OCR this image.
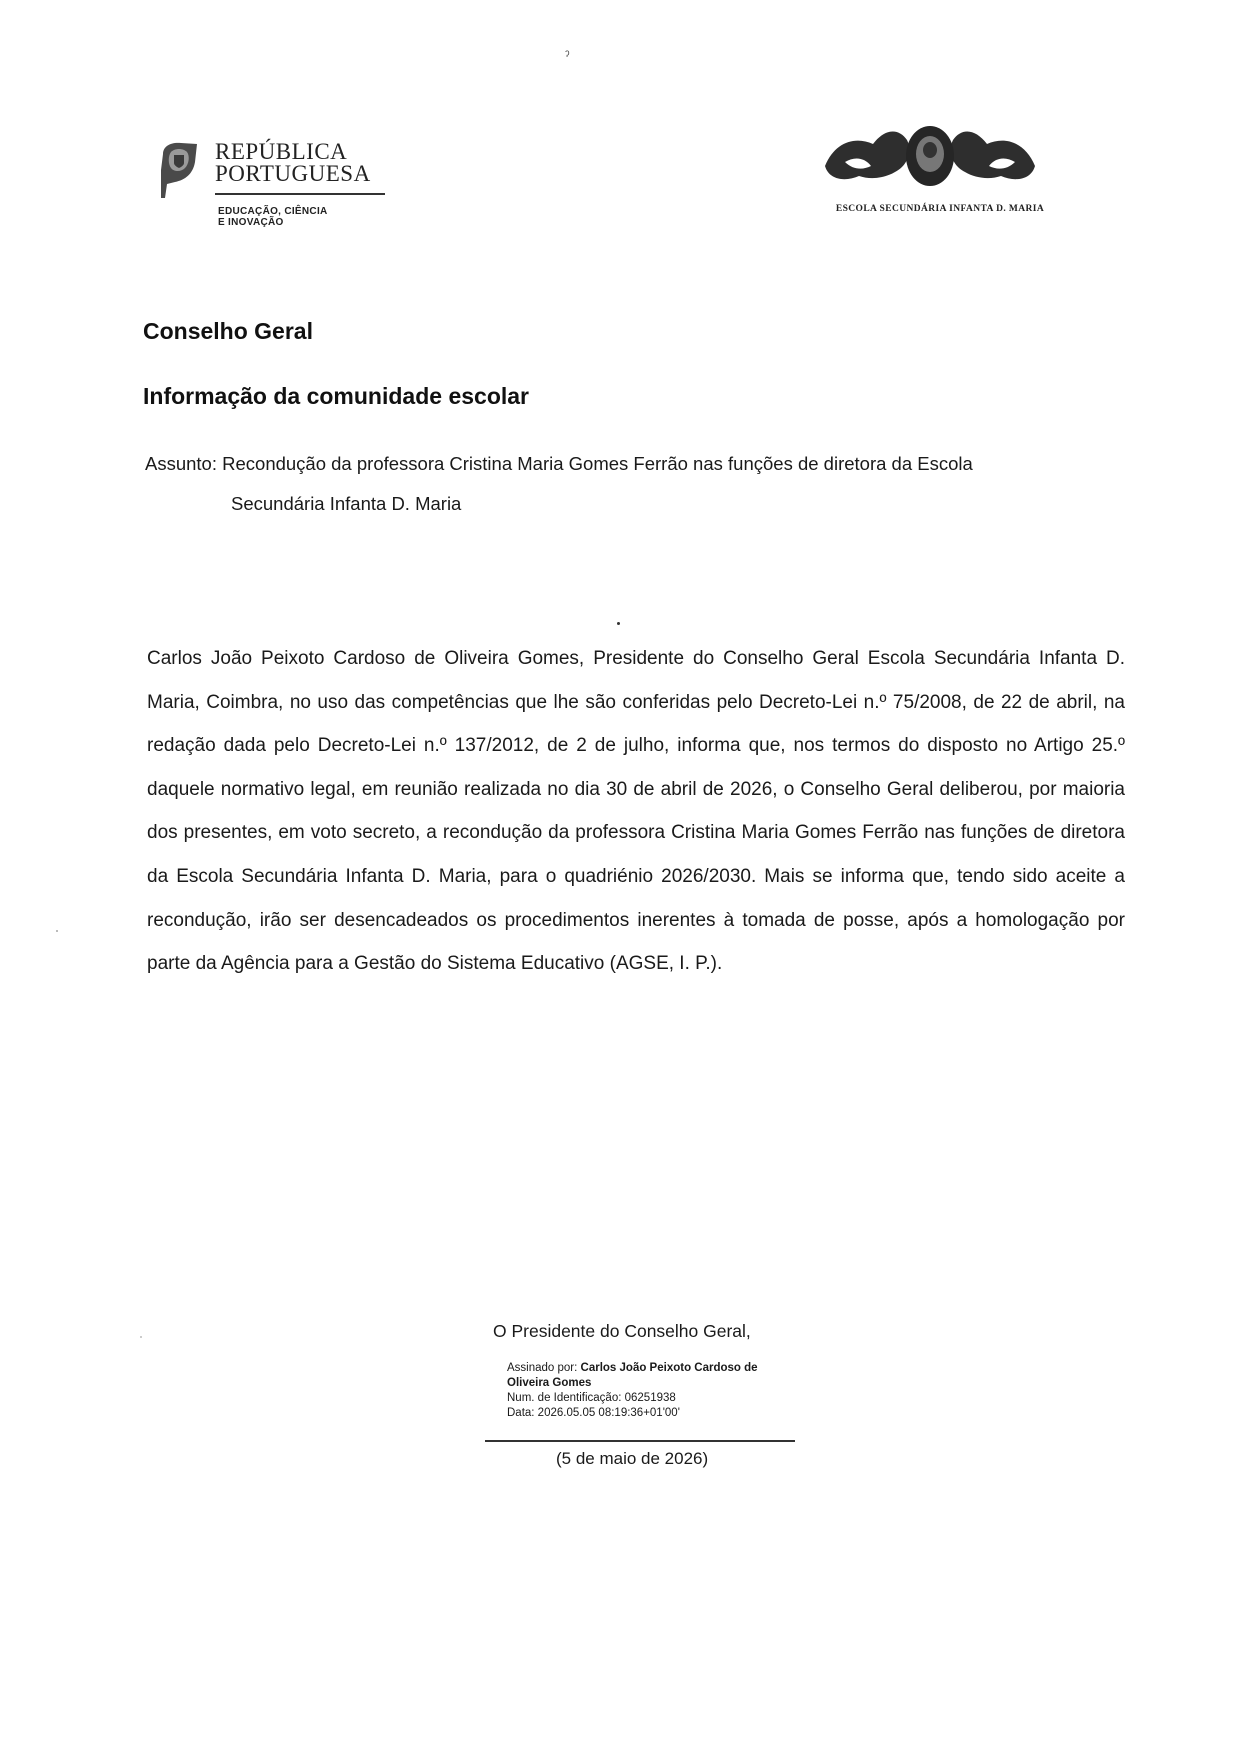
ˀ
REPÚBLICA
PORTUGUESA
EDUCAÇÃO, CIÊNCIA
E INOVAÇÃO
ESCOLA SECUNDÁRIA INFANTA D. MARIA
Conselho Geral
Informação da comunidade escolar
Assunto: Recondução da professora Cristina Maria Gomes Ferrão nas funções de diretora da Escola
Secundária Infanta D. Maria
Carlos João Peixoto Cardoso de Oliveira Gomes, Presidente do Conselho Geral Escola Secundária Infanta D. Maria, Coimbra, no uso das competências que lhe são conferidas pelo Decreto-Lei n.º 75/2008, de 22 de abril, na redação dada pelo Decreto-Lei n.º 137/2012, de 2 de julho, informa que, nos termos do disposto no Artigo 25.º daquele normativo legal, em reunião realizada no dia 30 de abril de 2026, o Conselho Geral deliberou, por maioria dos presentes, em voto secreto, a recondução da professora Cristina Maria Gomes Ferrão nas funções de diretora da Escola Secundária Infanta D. Maria, para o quadriénio 2026/2030. Mais se informa que, tendo sido aceite a recondução, irão ser desencadeados os procedimentos inerentes à tomada de posse, após a homologação por parte da Agência para a Gestão do Sistema Educativo (AGSE, I. P.).
O Presidente do Conselho Geral,
Assinado por: Carlos João Peixoto Cardoso de
Oliveira Gomes
Num. de Identificação: 06251938
Data: 2026.05.05 08:19:36+01'00'
(5 de maio de 2026)
